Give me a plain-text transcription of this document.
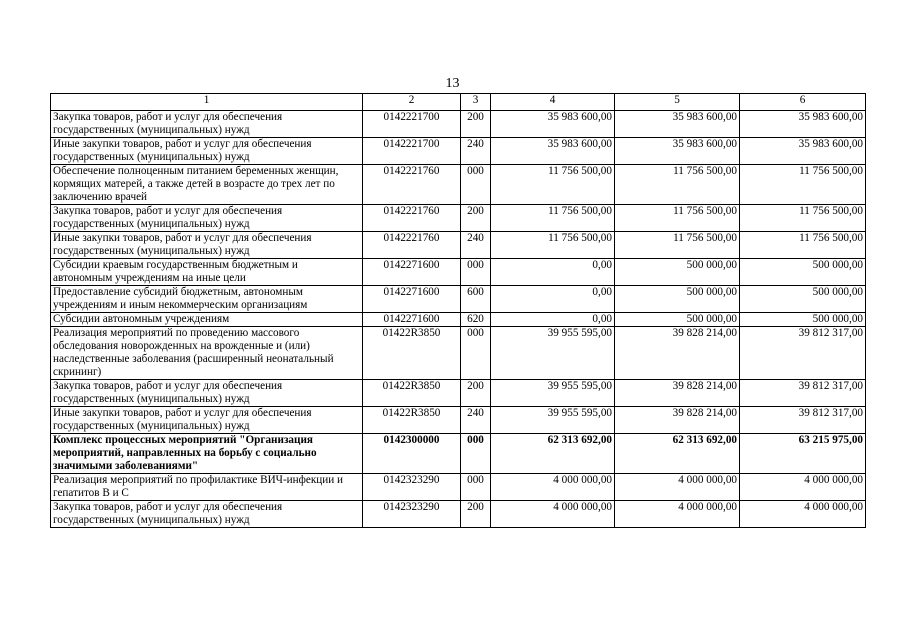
13
1	2	3	4	5	6
Закупка товаров, работ и услуг для обеспечения государственных (муниципальных) нужд	0142221700	200	35 983 600,00	35 983 600,00	35 983 600,00
Иные закупки товаров, работ и услуг для обеспечения государственных (муниципальных) нужд	0142221700	240	35 983 600,00	35 983 600,00	35 983 600,00
Обеспечение полноценным питанием беременных женщин, кормящих матерей, а также детей в возрасте до трех лет по заключению врачей	0142221760	000	11 756 500,00	11 756 500,00	11 756 500,00
Закупка товаров, работ и услуг для обеспечения государственных (муниципальных) нужд	0142221760	200	11 756 500,00	11 756 500,00	11 756 500,00
Иные закупки товаров, работ и услуг для обеспечения государственных (муниципальных) нужд	0142221760	240	11 756 500,00	11 756 500,00	11 756 500,00
Субсидии краевым государственным бюджетным и автономным учреждениям на иные цели	0142271600	000	0,00	500 000,00	500 000,00
Предоставление субсидий бюджетным, автономным учреждениям и иным некоммерческим организациям	0142271600	600	0,00	500 000,00	500 000,00
Субсидии автономным учреждениям	0142271600	620	0,00	500 000,00	500 000,00
Реализация мероприятий по проведению массового обследования новорожденных на врожденные и (или) наследственные заболевания (расширенный неонатальный скрининг)	01422R3850	000	39 955 595,00	39 828 214,00	39 812 317,00
Закупка товаров, работ и услуг для обеспечения государственных (муниципальных) нужд	01422R3850	200	39 955 595,00	39 828 214,00	39 812 317,00
Иные закупки товаров, работ и услуг для обеспечения государственных (муниципальных) нужд	01422R3850	240	39 955 595,00	39 828 214,00	39 812 317,00
Комплекс процессных мероприятий "Организация мероприятий, направленных на борьбу с социально значимыми заболеваниями"	0142300000	000	62 313 692,00	62 313 692,00	63 215 975,00
Реализация мероприятий по профилактике ВИЧ-инфекции и гепатитов В и С	0142323290	000	4 000 000,00	4 000 000,00	4 000 000,00
Закупка товаров, работ и услуг для обеспечения государственных (муниципальных) нужд	0142323290	200	4 000 000,00	4 000 000,00	4 000 000,00
